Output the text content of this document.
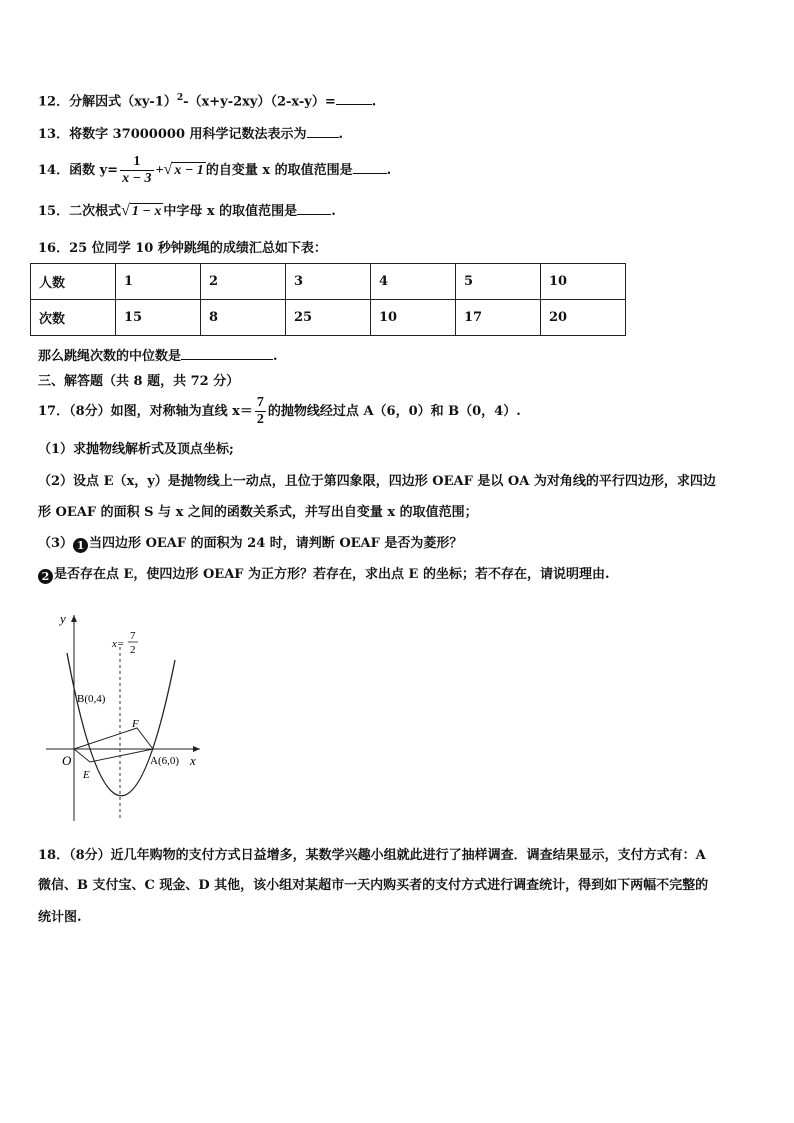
12．分解因式$(xy-1)^2-(x+y-2xy)(2-x-y)=$	.
13．将数字 37000000 用科学记数法表示为 .
14．函数 $y= \frac{1}{x - 3}$ +√ x − 1 的自变量 x 的取值范围是	.
15．二次根式√ 1 − x 中字母 x 的取值范围是	.
16．25 位同学 10 秒钟跳绳的成绩汇总如下表：
人数	1	2	3	4	5	10
次数	15	8	25	10	17	20
那么跳绳次数的中位数是	.
三、解答题（共 8 题，共 72 分）
17．（8分）如图，对称轴为直线 $x= \frac{7}{2}$ 的抛物线经过点 A（6，0）和 B（0，4）.
（1）求抛物线解析式及顶点坐标;
（2）设点 E（x，y）是抛物线上一动点，且位于第四象限，四边形 OEAF 是以 OA 为对角线的平行四边形，求四边
形 OEAF 的面积 S 与 x 之间的函数关系式，并写出自变量 x 的取值范围；
（3） 1 当四边形 OEAF 的面积为 24 时，请判断 OEAF 是否为菱形？
2 是否存在点 E，使四边形 OEAF 为正方形？若存在，求出点 E 的坐标；若不存在，请说明理由.
y
x
O
B(0,4)
A(6,0)
E
F
x=
7
2
18．（8分）近几年购物的支付方式日益增多，某数学兴趣小组就此进行了抽样调查．调查结果显示，支付方式有：A
微信、B 支付宝、C 现金、D 其他，该小组对某超市一天内购买者的支付方式进行调查统计，得到如下两幅不完整的
统计图.
